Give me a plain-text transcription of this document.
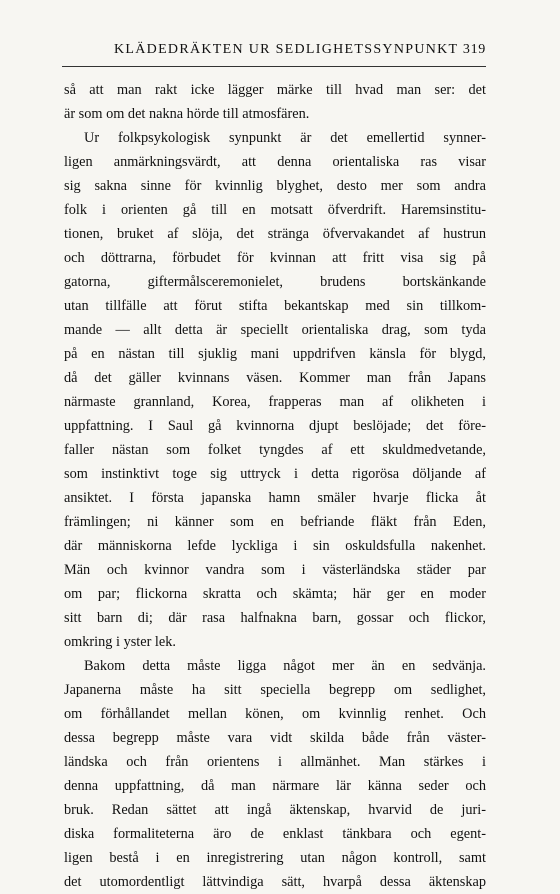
KLÄDEDRÄKTEN UR SEDLIGHETSSYNPUNKT 319
så att man rakt icke lägger märke till hvad man ser: det
är som om det nakna hörde till atmosfären.
Ur folkpsykologisk synpunkt är det emellertid synner-
ligen anmärkningsvärdt, att denna orientaliska ras visar
sig sakna sinne för kvinnlig blyghet, desto mer som andra
folk i orienten gå till en motsatt öfverdrift. Haremsinstitu-
tionen, bruket af slöja, det stränga öfvervakandet af hustrun
och döttrarna, förbudet för kvinnan att fritt visa sig på
gatorna, giftermålsceremonielet, brudens bortskänkande
utan tillfälle att förut stifta bekantskap med sin tillkom-
mande — allt detta är speciellt orientaliska drag, som tyda
på en nästan till sjuklig mani uppdrifven känsla för blygd,
då det gäller kvinnans väsen. Kommer man från Japans
närmaste grannland, Korea, frapperas man af olikheten i
uppfattning. I Saul gå kvinnorna djupt beslöjade; det före-
faller nästan som folket tyngdes af ett skuldmedvetande,
som instinktivt toge sig uttryck i detta rigorösa döljande af
ansiktet. I första japanska hamn smäler hvarje flicka åt
främlingen; ni känner som en befriande fläkt från Eden,
där människorna lefde lyckliga i sin oskuldsfulla nakenhet.
Män och kvinnor vandra som i västerländska städer par
om par; flickorna skratta och skämta; här ger en moder
sitt barn di; där rasa halfnakna barn, gossar och flickor,
omkring i yster lek.
Bakom detta måste ligga något mer än en sedvänja.
Japanerna måste ha sitt speciella begrepp om sedlighet,
om förhållandet mellan könen, om kvinnlig renhet. Och
dessa begrepp måste vara vidt skilda både från väster-
ländska och från orientens i allmänhet. Man stärkes i
denna uppfattning, då man närmare lär känna seder och
bruk. Redan sättet att ingå äktenskap, hvarvid de juri-
diska formaliteterna äro de enklast tänkbara och egent-
ligen bestå i en inregistrering utan någon kontroll, samt
det utomordentligt lättvindiga sätt, hvarpå dessa äktenskap
